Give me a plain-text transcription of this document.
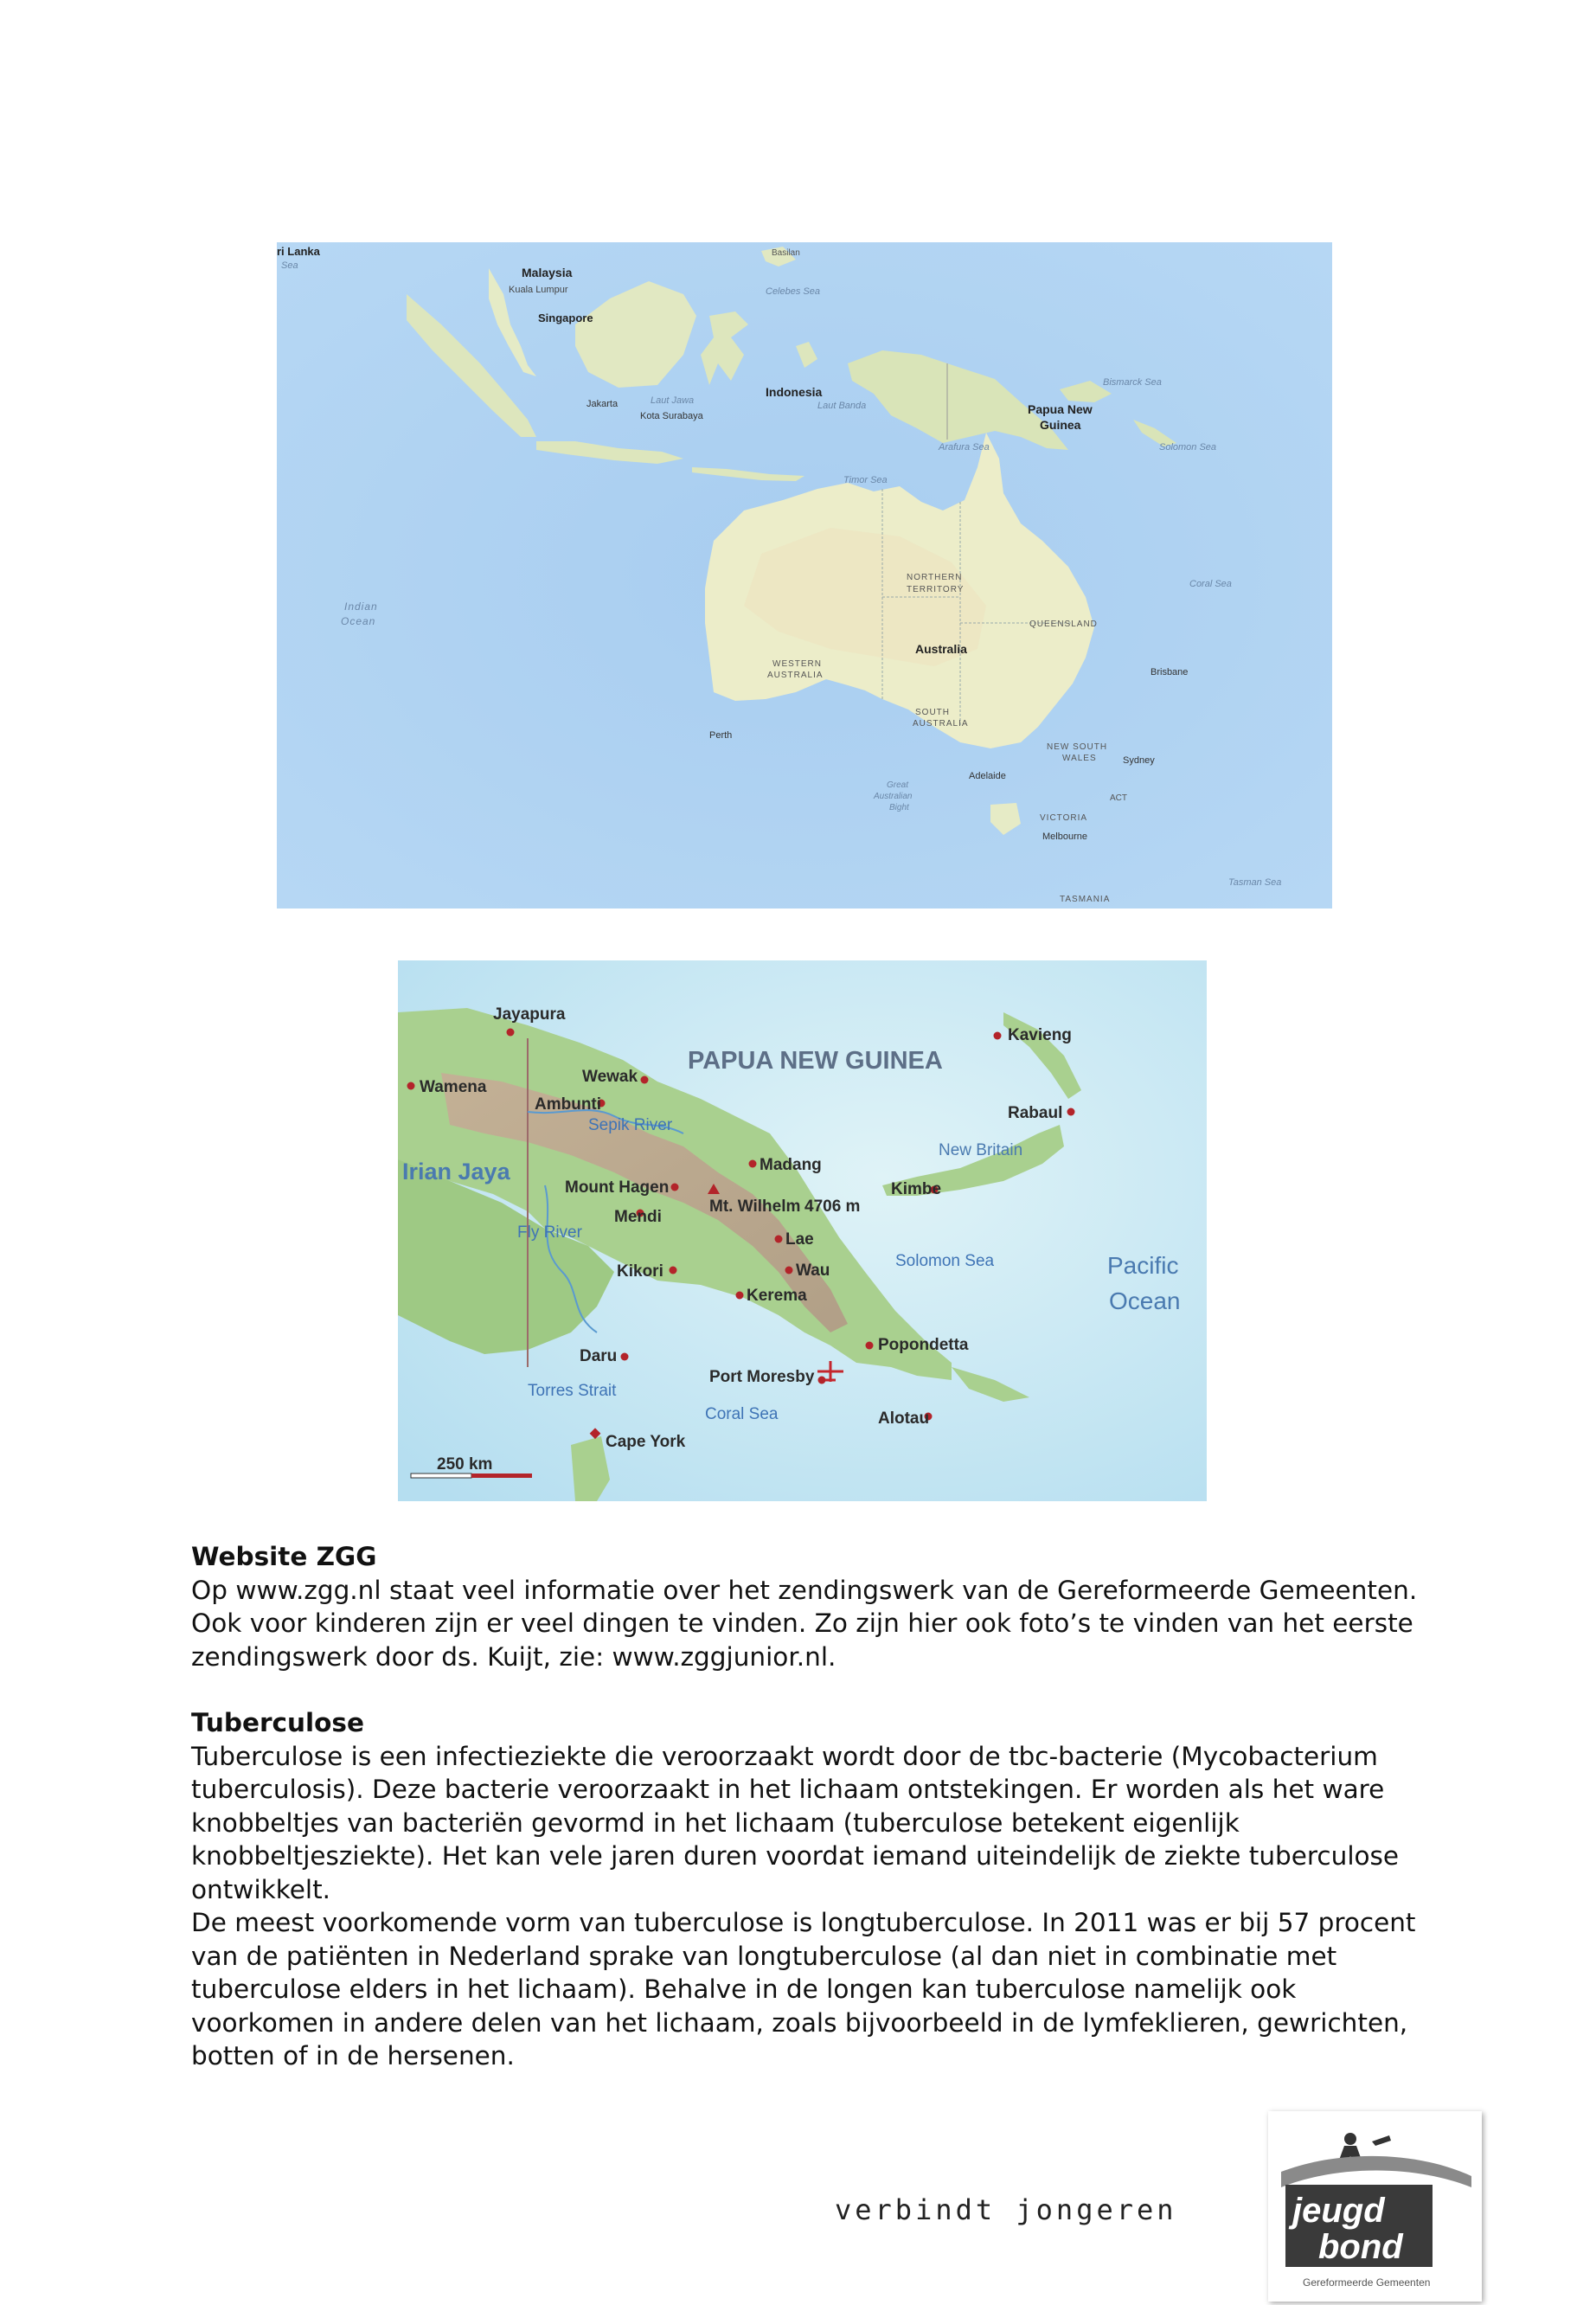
ri Lanka
Sea	Malaysia
Kuala Lumpur
Singapore
Basilan
Celebes Sea
Indonesia
Laut Jawa
Jakarta
Kota Surabaya
Laut Banda
Bismarck Sea
Papua New
Guinea
Solomon Sea
Arafura Sea
Timor Sea
Coral Sea
Indian
Ocean
NORTHERN
TERRITORY
QUEENSLAND
Australia
WESTERN
AUSTRALIA	Brisbane
SOUTH
AUSTRALIA
Perth
NEW SOUTH
WALES	Sydney
Great
Australian
Bight
Adelaide
ACT
VICTORIA
Melbourne
Tasman Sea
TASMANIA
PAPUA NEW GUINEA
Jayapura
Wewak
Wamena
Ambunti
Sepik River
New Britain
Rabaul
Kavieng
Madang
Kimbe
Irian Jaya
Mount Hagen
Mt. Wilhelm 4706 m
Mendi
Fly River	Lae
Solomon Sea
Wau
Kikori	Pacific
Ocean
Kerema
Popondetta
Daru
Port Moresby
Torres Strait
Coral Sea	Alotau
Cape York
250 km

Website ZGG

Op www.zgg.nl staat veel informatie over het zendingswerk van de Gereformeerde Gemeenten. Ook voor kinderen zijn er veel dingen te vinden. Zo zijn hier ook foto’s te vinden van het eerste zendingswerk door ds. Kuijt, zie: www.zggjunior.nl.

Tuberculose

Tuberculose is een infectieziekte die veroorzaakt wordt door de tbc-bacterie (Mycobacterium tuberculosis). Deze bacterie veroorzaakt in het lichaam ontstekingen. Er worden als het ware knobbeltjes van bacteriën gevormd in het lichaam (tuberculose betekent eigenlijk knobbeltjesziekte). Het kan vele jaren duren voordat iemand uiteindelijk de ziekte tuberculose ontwikkelt.

De meest voorkomende vorm van tuberculose is longtuberculose. In 2011 was er bij 57 procent van de patiënten in Nederland sprake van longtuberculose (al dan niet in combinatie met tuberculose elders in het lichaam). Behalve in de longen kan tuberculose namelijk ook voorkomen in andere delen van het lichaam, zoals bijvoorbeeld in de lymfeklieren, gewrichten, botten of in de hersenen.

verbindt jongeren	jeugd
bond
Gereformeerde Gemeenten
